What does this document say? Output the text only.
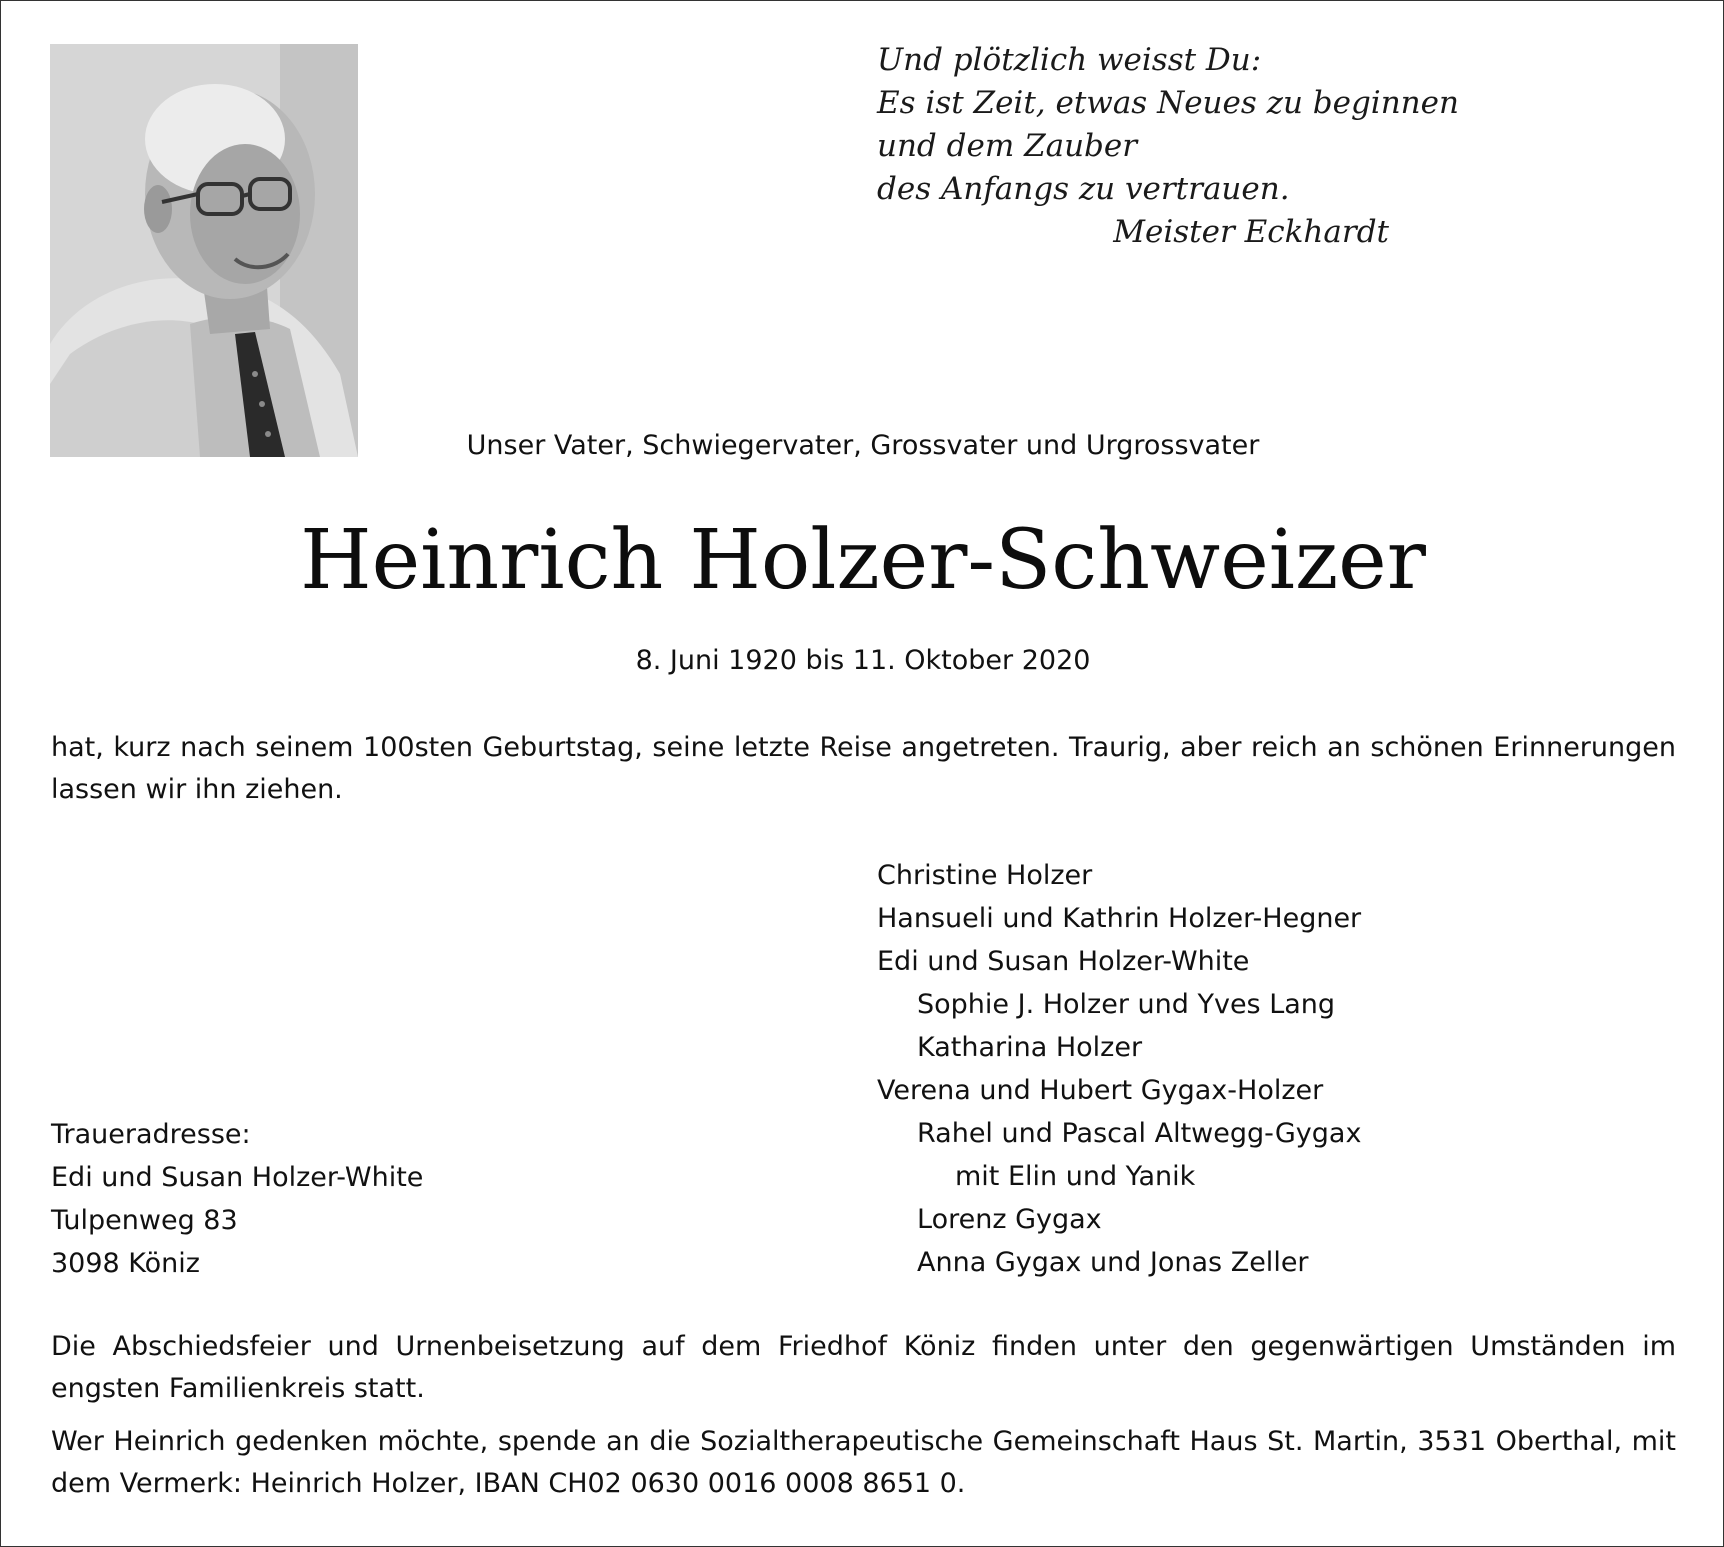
Und plötzlich weisst Du:
Es ist Zeit, etwas Neues zu beginnen
und dem Zauber
des Anfangs zu vertrauen.
Meister Eckhardt
Unser Vater, Schwiegervater, Grossvater und Urgrossvater
Heinrich Holzer-Schweizer
8. Juni 1920 bis 11. Oktober 2020
hat, kurz nach seinem 100sten Geburtstag, seine letzte Reise angetreten. Traurig, aber reich an schönen Erinnerungen lassen wir ihn ziehen.
Christine Holzer
Hansueli und Kathrin Holzer-Hegner
Edi und Susan Holzer-White
Sophie J. Holzer und Yves Lang
Katharina Holzer
Verena und Hubert Gygax-Holzer
Rahel und Pascal Altwegg-Gygax
mit Elin und Yanik
Lorenz Gygax
Anna Gygax und Jonas Zeller
Traueradresse:
Edi und Susan Holzer-White
Tulpenweg 83
3098 Köniz
Die Abschiedsfeier und Urnenbeisetzung auf dem Friedhof Köniz finden unter den gegenwärtigen Umständen im engsten Familienkreis statt.
Wer Heinrich gedenken möchte, spende an die Sozialtherapeutische Gemeinschaft Haus St. Martin, 3531 Oberthal, mit dem Vermerk: Heinrich Holzer, IBAN CH02 0630 0016 0008 8651 0.
